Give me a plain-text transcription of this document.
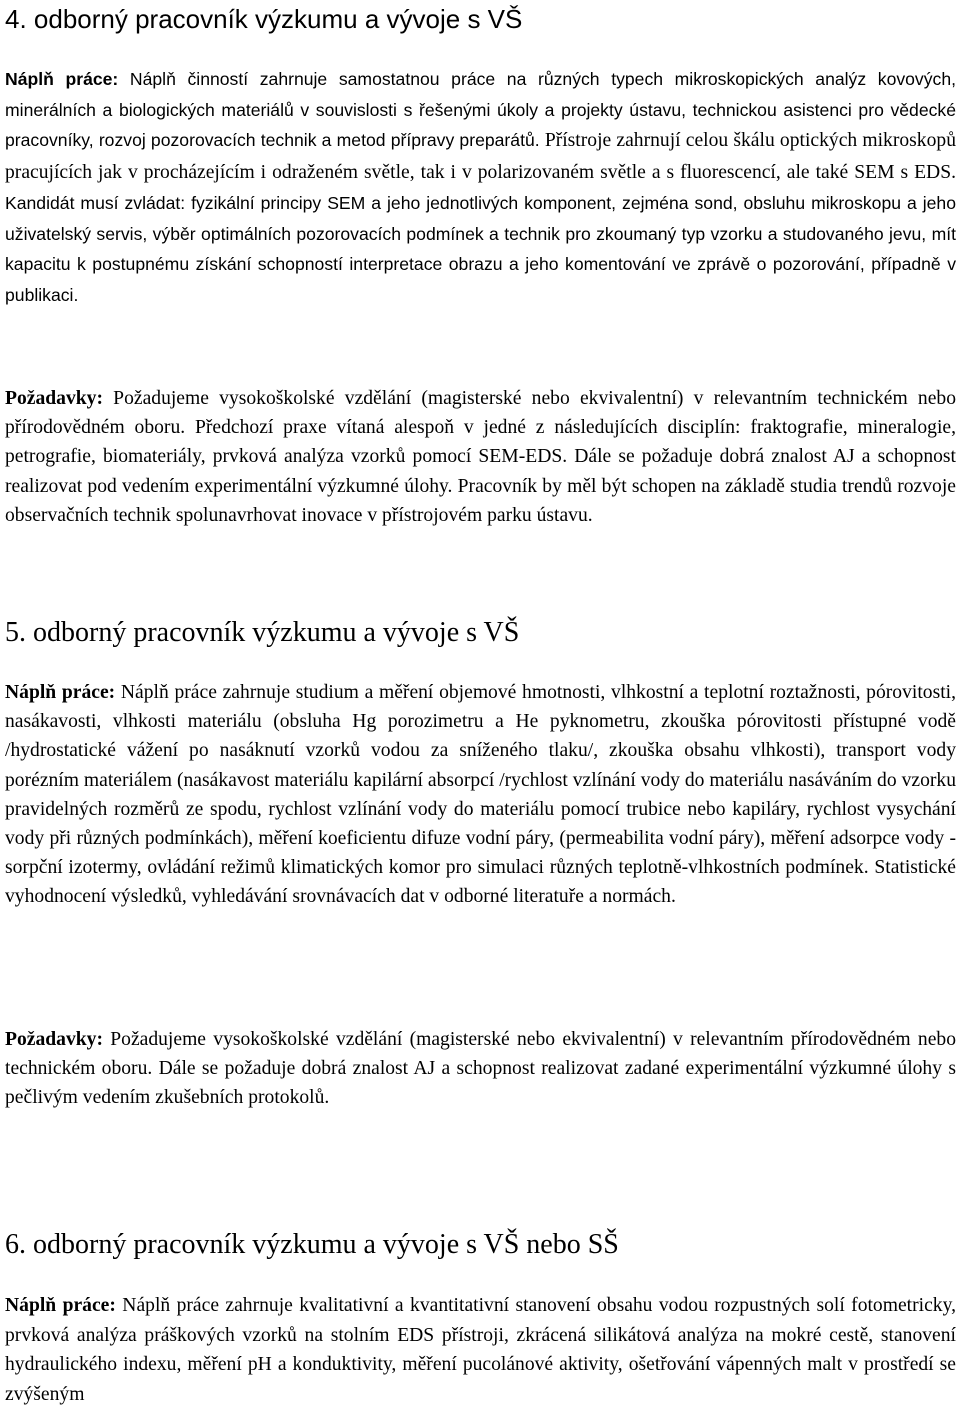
4. odborný pracovník výzkumu a vývoje s VŠ

Náplň práce: Náplň činností zahrnuje samostatnou práce na různých typech mikroskopických analýz kovových, minerálních a biologických materiálů v souvislosti s řešenými úkoly a projekty ústavu, technickou asistenci pro vědecké pracovníky, rozvoj pozorovacích technik a metod přípravy preparátů. Přístroje zahrnují celou škálu optických mikroskopů pracujících jak v procházejícím i odraženém světle, tak i v polarizovaném světle a s fluorescencí, ale také SEM s EDS. Kandidát musí zvládat: fyzikální principy SEM a jeho jednotlivých komponent, zejména sond, obsluhu mikroskopu a jeho uživatelský servis, výběr optimálních pozorovacích podmínek a technik pro zkoumaný typ vzorku a studovaného jevu, mít kapacitu k postupnému získání schopností interpretace obrazu a jeho komentování ve zprávě o pozorování, případně v publikaci.

Požadavky: Požadujeme vysokoškolské vzdělání (magisterské nebo ekvivalentní) v relevantním technickém nebo přírodovědném oboru. Předchozí praxe vítaná alespoň v jedné z následujících disciplín: fraktografie, mineralogie, petrografie, biomateriály, prvková analýza vzorků pomocí SEM-EDS. Dále se požaduje dobrá znalost AJ a schopnost realizovat pod vedením experimentální výzkumné úlohy. Pracovník by měl být schopen na základě studia trendů rozvoje observačních technik spolunavrhovat inovace v přístrojovém parku ústavu.

5. odborný pracovník výzkumu a vývoje s VŠ

Náplň práce: Náplň práce zahrnuje studium a měření objemové hmotnosti, vlhkostní a teplotní roztažnosti, pórovitosti, nasákavosti, vlhkosti materiálu (obsluha Hg porozimetru a He pyknometru, zkouška pórovitosti přístupné vodě /hydrostatické vážení po nasáknutí vzorků vodou za sníženého tlaku/, zkouška obsahu vlhkosti), transport vody porézním materiálem (nasákavost materiálu kapilární absorpcí /rychlost vzlínání vody do materiálu nasáváním do vzorku pravidelných rozměrů ze spodu, rychlost vzlínání vody do materiálu pomocí trubice nebo kapiláry, rychlost vysychání vody při různých podmínkách), měření koeficientu difuze vodní páry, (permeabilita vodní páry), měření adsorpce vody - sorpční izotermy, ovládání režimů klimatických komor pro simulaci různých teplotně-vlhkostních podmínek. Statistické vyhodnocení výsledků, vyhledávání srovnávacích dat v odborné literatuře a normách.

Požadavky: Požadujeme vysokoškolské vzdělání (magisterské nebo ekvivalentní) v relevantním přírodovědném nebo technickém oboru. Dále se požaduje dobrá znalost AJ a schopnost realizovat zadané experimentální výzkumné úlohy s pečlivým vedením zkušebních protokolů.

6. odborný pracovník výzkumu a vývoje s VŠ nebo SŠ

Náplň práce: Náplň práce zahrnuje kvalitativní a kvantitativní stanovení obsahu vodou rozpustných solí fotometricky, prvková analýza práškových vzorků na stolním EDS přístroji, zkrácená silikátová analýza na mokré cestě, stanovení hydraulického indexu, měření pH a konduktivity, měření pucolánové aktivity, ošetřování vápenných malt v prostředí se zvýšeným
